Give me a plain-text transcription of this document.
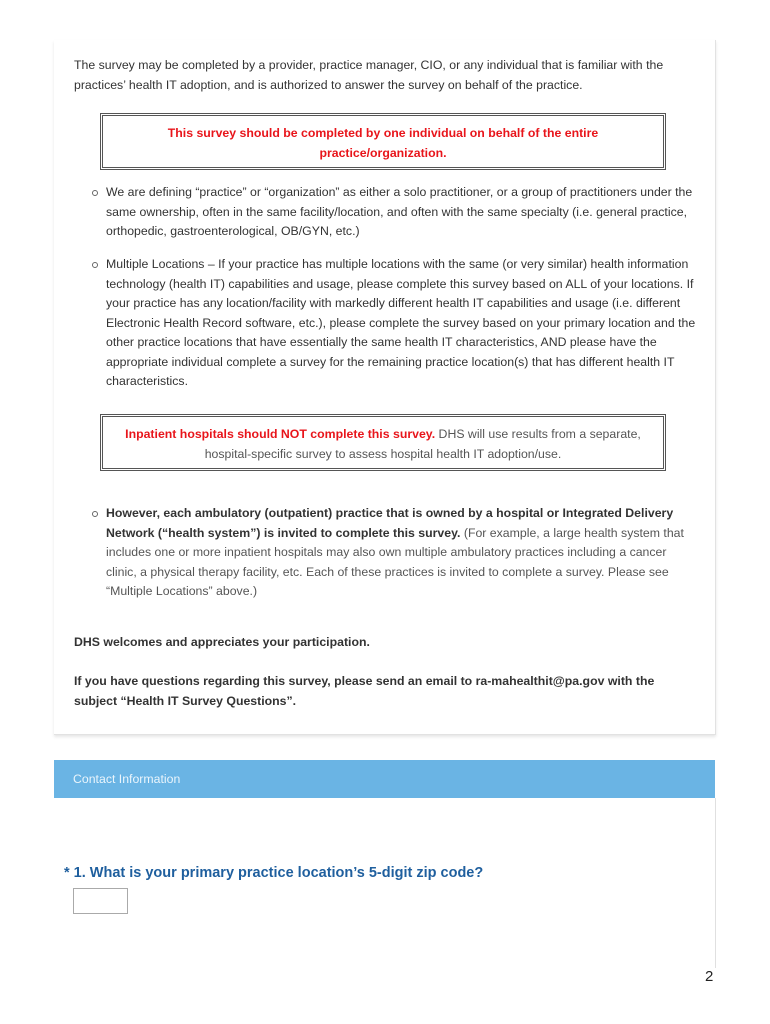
The survey may be completed by a provider, practice manager, CIO, or any individual that is familiar with the practices’ health IT adoption, and is authorized to answer the survey on behalf of the practice.
This survey should be completed by one individual on behalf of the entire practice/organization.
We are defining “practice” or “organization” as either a solo practitioner, or a group of practitioners under the same ownership, often in the same facility/location, and often with the same specialty (i.e. general practice, orthopedic, gastroenterological, OB/GYN, etc.)
Multiple Locations – If your practice has multiple locations with the same (or very similar) health information technology (health IT) capabilities and usage, please complete this survey based on ALL of your locations. If your practice has any location/facility with markedly different health IT capabilities and usage (i.e. different Electronic Health Record software, etc.), please complete the survey based on your primary location and the other practice locations that have essentially the same health IT characteristics, AND please have the appropriate individual complete a survey for the remaining practice location(s) that has different health IT characteristics.
Inpatient hospitals should NOT complete this survey. DHS will use results from a separate, hospital-specific survey to assess hospital health IT adoption/use.
However, each ambulatory (outpatient) practice that is owned by a hospital or Integrated Delivery Network (“health system”) is invited to complete this survey. (For example, a large health system that includes one or more inpatient hospitals may also own multiple ambulatory practices including a cancer clinic, a physical therapy facility, etc. Each of these practices is invited to complete a survey. Please see “Multiple Locations” above.)
DHS welcomes and appreciates your participation.
If you have questions regarding this survey, please send an email to ra-mahealthit@pa.gov with the subject “Health IT Survey Questions”.
Contact Information
* 1. What is your primary practice location’s 5-digit zip code?
2
